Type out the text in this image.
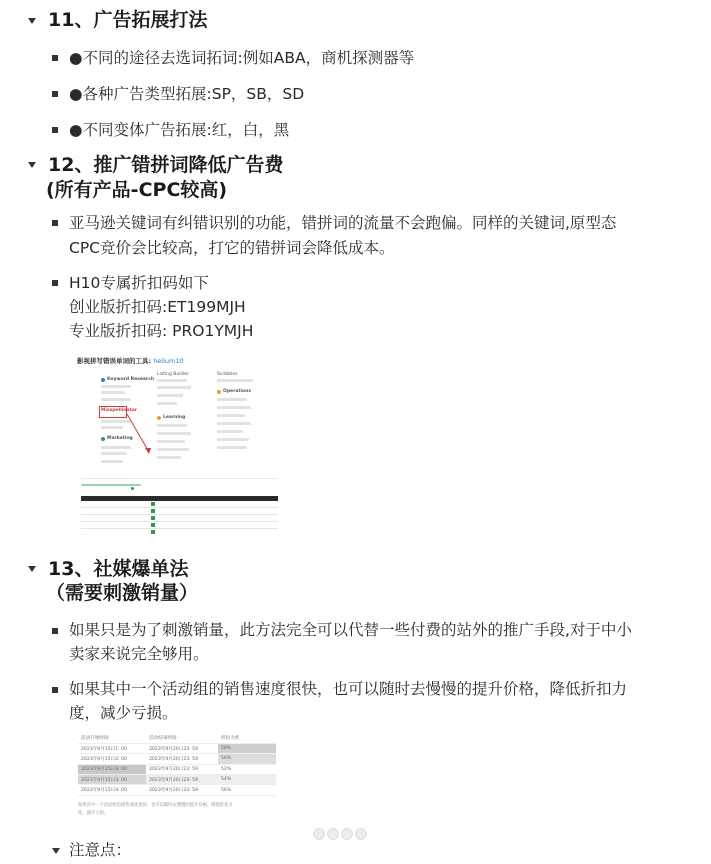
11、广告拓展打法
●不同的途径去选词拓词:例如ABA，商机探测器等
●各种广告类型拓展:SP，SB，SD
●不同变体广告拓展:红，白，黑
12、推广错拼词降低广告费
(所有产品-CPC较高)
亚马逊关键词有纠错识别的功能，错拼词的流量不会跑偏。同样的关键词,原型态
CPC竞价会比较高，打它的错拼词会降低成本。
H10专属折扣码如下
创业版折扣码:ET199MJH
专业版折扣码: PRO1YMJH
影视拼写错误单词的工具: helium10
Keyword Research
Misspellinator
Marketing
Listing Builder
Learning
Scribbles
Operations
13、社媒爆单法
（需要刺激销量）
如果只是为了刺激销量，此方法完全可以代替一些付费的站外的推广手段,对于中小
卖家来说完全够用。
如果其中一个活动组的销售速度很快，也可以随时去慢慢的提升价格，降低折扣力
度，减少亏损。
活动开始时间	活动结束时间	折扣力度
2023年9月15日1: 00	2023年9月20日23: 59	58%
2023年9月15日2: 00	2023年9月20日23: 59	56%
2023年9月15日3: 00	2023年9月20日23: 59	52%
2023年9月15日3: 00	2023年9月20日23: 59	54%
2023年9月15日4: 00	2023年9月20日23: 59	56%
如果其中一个活动组的销售速度很快，也可以随时去慢慢的提升价格，降低折扣力
度，减少亏损。
注意点：
